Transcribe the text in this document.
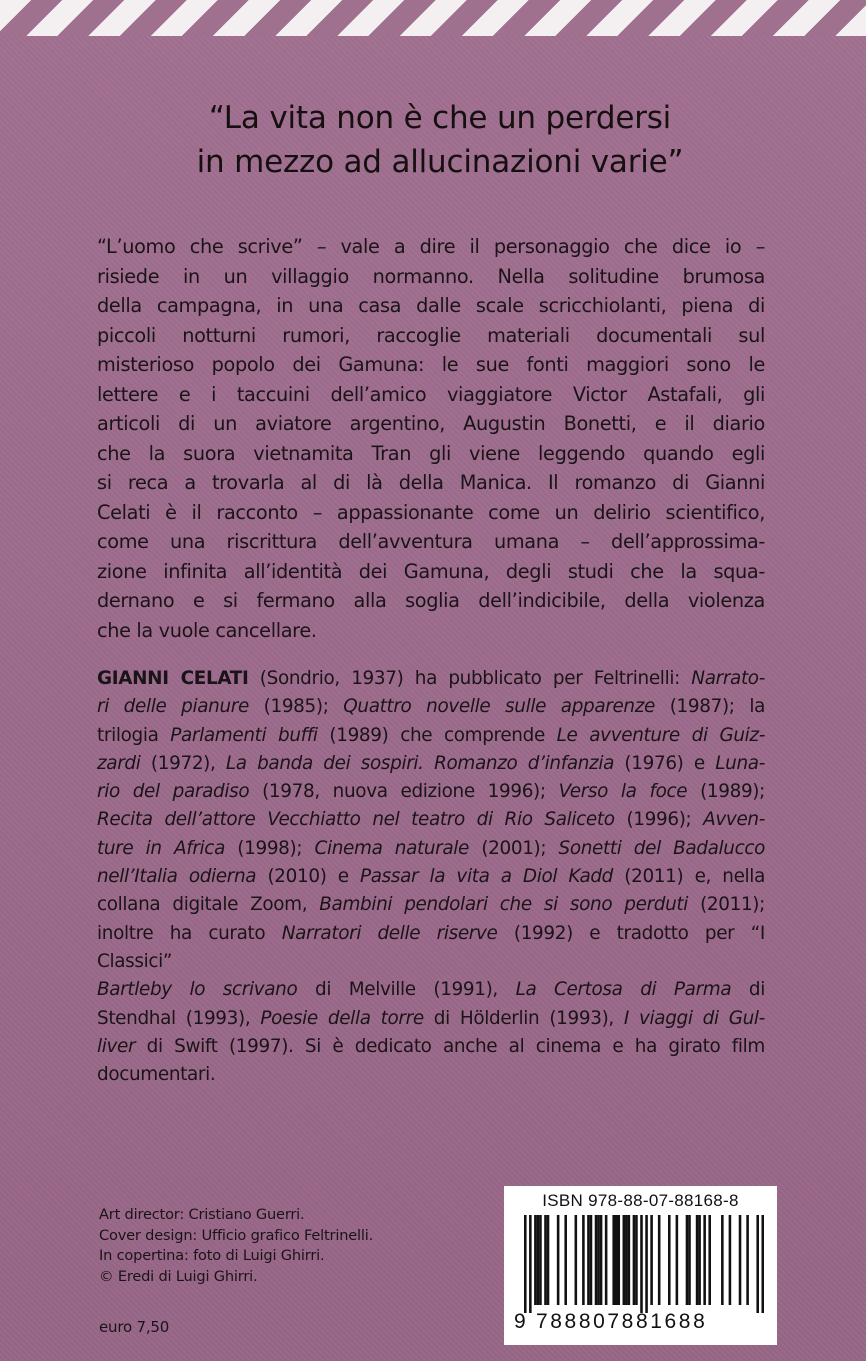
“La vita non è che un perdersi
in mezzo ad allucinazioni varie”
“L’uomo che scrive” – vale a dire il personaggio che dice io –
risiede in un villaggio normanno. Nella solitudine brumosa
della campagna, in una casa dalle scale scricchiolanti, piena di
piccoli notturni rumori, raccoglie materiali documentali sul
misterioso popolo dei Gamuna: le sue fonti maggiori sono le
lettere e i taccuini dell’amico viaggiatore Victor Astafali, gli
articoli di un aviatore argentino, Augustin Bonetti, e il diario
che la suora vietnamita Tran gli viene leggendo quando egli
si reca a trovarla al di là della Manica. Il romanzo di Gianni
Celati è il racconto – appassionante come un delirio scientifico,
come una riscrittura dell’avventura umana – dell’approssima-
zione infinita all’identità dei Gamuna, degli studi che la squa-
dernano e si fermano alla soglia dell’indicibile, della violenza
che la vuole cancellare.
GIANNI CELATI (Sondrio, 1937) ha pubblicato per Feltrinelli: Narrato-
ri delle pianure (1985); Quattro novelle sulle apparenze (1987); la
trilogia Parlamenti buffi (1989) che comprende Le avventure di Guiz-
zardi (1972), La banda dei sospiri. Romanzo d’infanzia (1976) e Luna-
rio del paradiso (1978, nuova edizione 1996); Verso la foce (1989);
Recita dell’attore Vecchiatto nel teatro di Rio Saliceto (1996); Avven-
ture in Africa (1998); Cinema naturale (2001); Sonetti del Badalucco
nell’Italia odierna (2010) e Passar la vita a Diol Kadd (2011) e, nella
collana digitale Zoom, Bambini pendolari che si sono perduti (2011);
inoltre ha curato Narratori delle riserve (1992) e tradotto per “I
Classici”
Bartleby lo scrivano di Melville (1991), La Certosa di Parma di
Stendhal (1993), Poesie della torre di Hölderlin (1993), I viaggi di Gul-
liver di Swift (1997). Si è dedicato anche al cinema e ha girato film
documentari.
Art director: Cristiano Guerri.
Cover design: Ufficio grafico Feltrinelli.
In copertina: foto di Luigi Ghirri.
© Eredi di Luigi Ghirri.
euro 7,50
ISBN 978-88-07-88168-8
9 788807881688
